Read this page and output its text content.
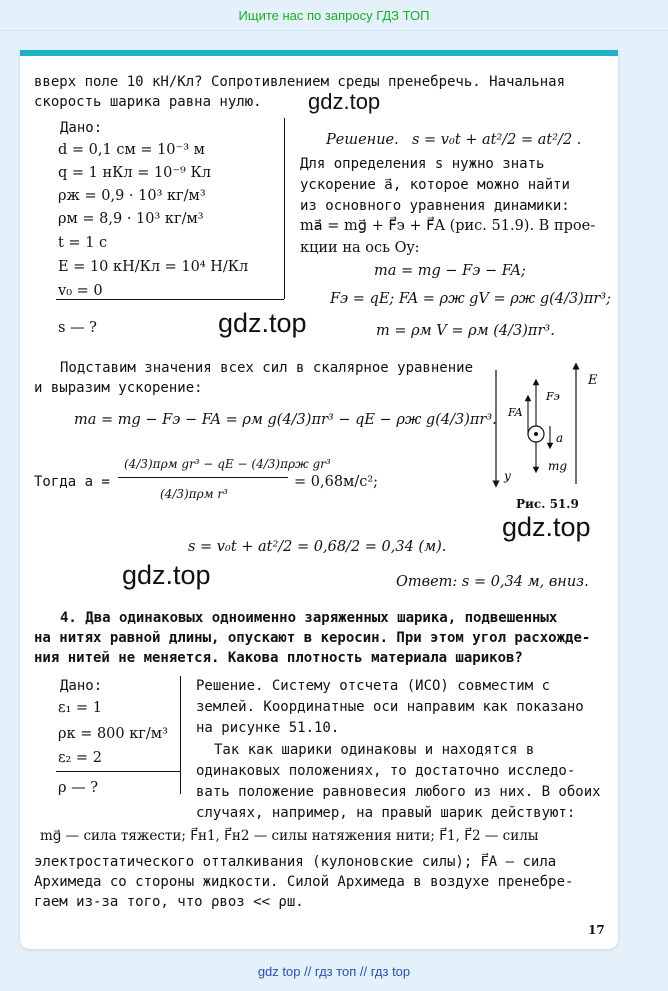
Ищите нас по запросу ГДЗ ТОП
вверх поле 10 кН/Кл? Сопротивлением среды пренебречь. Начальная
скорость шарика равна нулю.
Дано:
d = 0,1 см = 10⁻³ м
q = 1 нКл = 10⁻⁹ Кл
ρж = 0,9 · 10³ кг/м³
ρм = 8,9 · 10³ кг/м³
t = 1 с
E = 10 кН/Кл = 10⁴ Н/Кл
v₀ = 0
s — ?
Решение. s = v₀t + at²/2 = at²/2 .
Для определения s нужно знать
ускорение a⃗, которое можно найти
из основного уравнения динамики:
ma⃗ = mg⃗ + F⃗э + F⃗A (рис. 51.9). В прое-
кции на ось Oy:
ma = mg − Fэ − FA;
Fэ = qE; FA = ρж gV = ρж g(4/3)πr³;
m = ρм V = ρм (4/3)πr³.
gdz.top
gdz.top
Подставим значения всех сил в скалярное уравнение
и выразим ускорение:
ma = mg − Fэ − FA = ρм g(4/3)πr³ − qE − ρж g(4/3)πr³.
Тогда a =
(4/3)πρм gr³ − qE − (4/3)πρж gr³
(4/3)πρм r³
= 0,68м/с²;
s = v₀t + at²/2 = 0,68/2 = 0,34 (м).
gdz.top	Ответ: s = 0,34 м, вниз.
E
Fэ
FA
a
mg
y
Рис. 51.9
gdz.top
4. Два одинаковых одноименно заряженных шарика, подвешенных
на нитях равной длины, опускают в керосин. При этом угол расхожде-
ния нитей не меняется. Какова плотность материала шариков?
Дано:
ε₁ = 1
ρк = 800 кг/м³
ε₂ = 2
ρ — ?
Решение. Систему отсчета (ИСО) совместим с
землей. Координатные оси направим как показано
на рисунке 51.10.
Так как шарики одинаковы и находятся в
одинаковых положениях, то достаточно исследо-
вать положение равновесия любого из них. В обоих
случаях, например, на правый шарик действуют:
mg⃗ — сила тяжести; F⃗н1, F⃗н2 — силы натяжения нити; F⃗1, F⃗2 — силы
электростатического отталкивания (кулоновские силы); F⃗A — сила
Архимеда со стороны жидкости. Силой Архимеда в воздухе пренебре-
гаем из-за того, что ρвоз << ρш.
17
gdz top // гдз топ // гдз top
